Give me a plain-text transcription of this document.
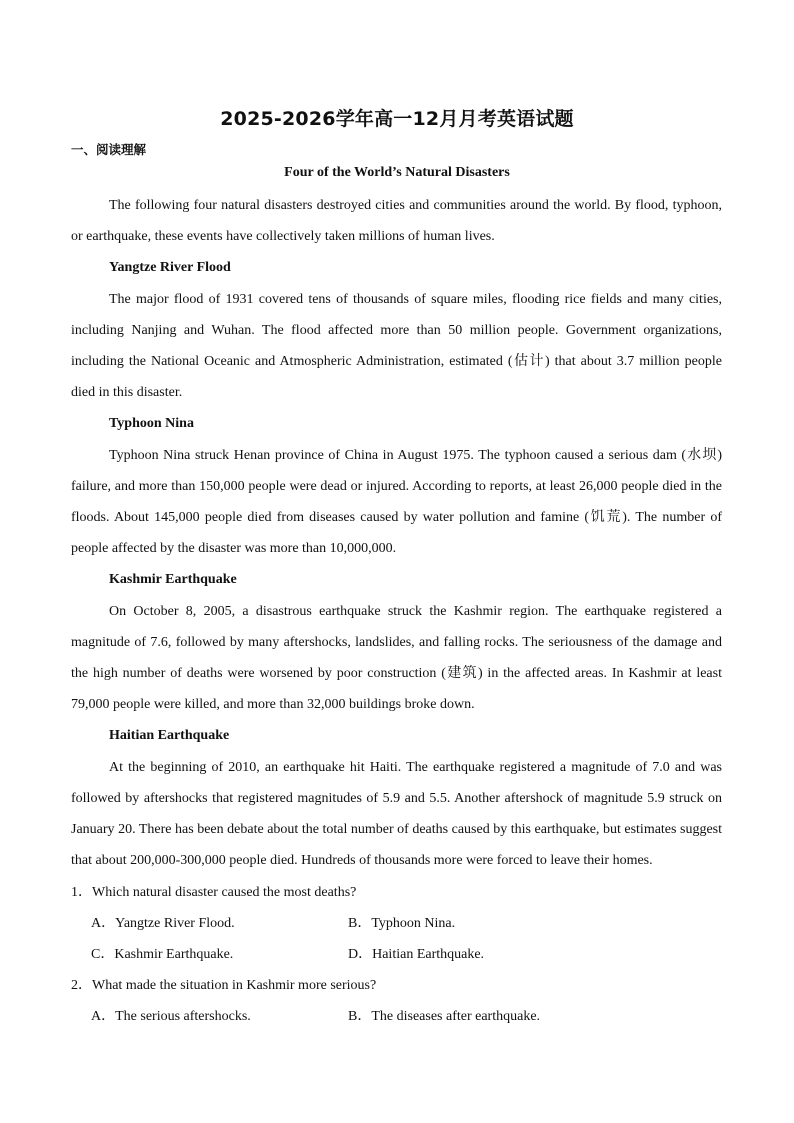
2025-2026学年高一12月月考英语试题
一、阅读理解
Four of the World’s Natural Disasters

The following four natural disasters destroyed cities and communities around the world. By flood, typhoon, or earthquake, these events have collectively taken millions of human lives.

Yangtze River Flood

The major flood of 1931 covered tens of thousands of square miles, flooding rice fields and many cities, including Nanjing and Wuhan. The flood affected more than 50 million people. Government organizations, including the National Oceanic and Atmospheric Administration, estimated (估计) that about 3.7 million people died in this disaster.

Typhoon Nina

Typhoon Nina struck Henan province of China in August 1975. The typhoon caused a serious dam (水坝) failure, and more than 150,000 people were dead or injured. According to reports, at least 26,000 people died in the floods. About 145,000 people died from diseases caused by water pollution and famine (饥荒). The number of people affected by the disaster was more than 10,000,000.

Kashmir Earthquake

On October 8, 2005, a disastrous earthquake struck the Kashmir region. The earthquake registered a magnitude of 7.6, followed by many aftershocks, landslides, and falling rocks. The seriousness of the damage and the high number of deaths were worsened by poor construction (建筑) in the affected areas. In Kashmir at least 79,000 people were killed, and more than 32,000 buildings broke down.

Haitian Earthquake

At the beginning of 2010, an earthquake hit Haiti. The earthquake registered a magnitude of 7.0 and was followed by aftershocks that registered magnitudes of 5.9 and 5.5. Another aftershock of magnitude 5.9 struck on January 20. There has been debate about the total number of deaths caused by this earthquake, but estimates suggest that about 200,000-300,000 people died. Hundreds of thousands more were forced to leave their homes.

1．Which natural disaster caused the most deaths?

A．Yangtze River Flood.	B．Typhoon Nina.
C．Kashmir Earthquake.	D．Haitian Earthquake.

2．What made the situation in Kashmir more serious?

A．The serious aftershocks.	B．The diseases after earthquake.
